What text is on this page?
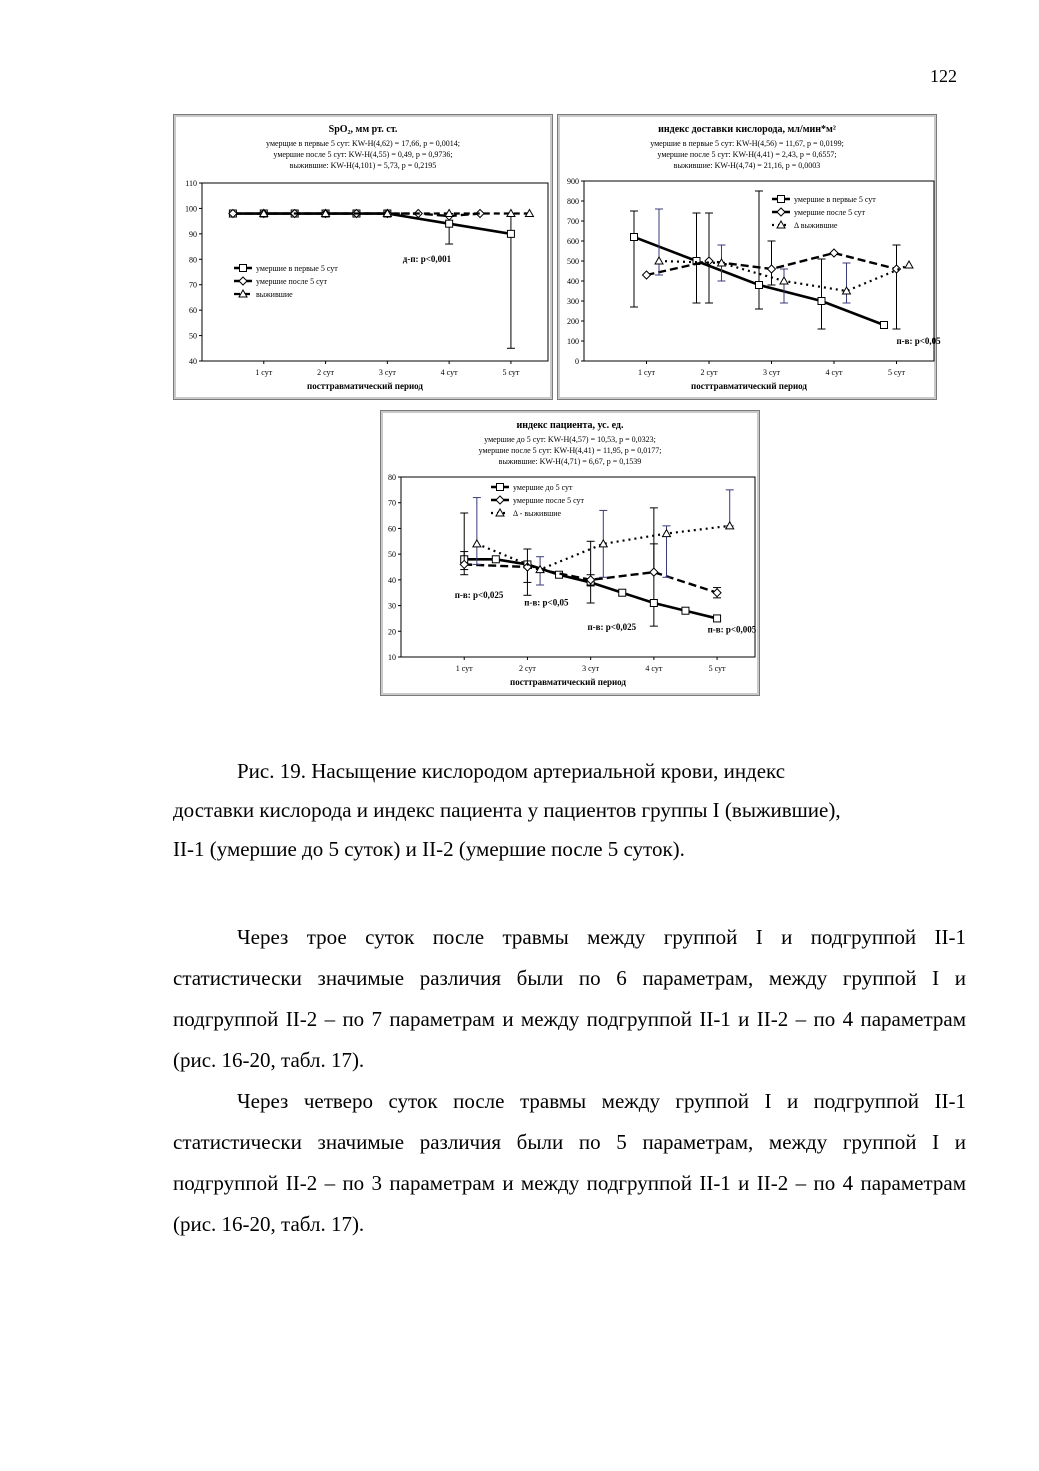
122
SpO₂, мм рт. ст.
умерщие в первые 5 сут: KW-H(4,62) = 17,66, p = 0,0014;
умершие после 5 сут: KW-H(4,55) = 0,49, p = 0,9736;
выжившие: KW-H(4,101) = 5,73, p = 0,2195
40
50
60
70
80
90
100
110
1 сут	2 сут	3 сут	4 сут	5 сут
посттравматический период
умершие в первые 5 сут
умершие после 5 сут
выжившие
д-п: p<0,001
индекс доставки кислорода, мл/мин*м²
умершие в первые 5 сут: KW-H(4,56) = 11,67, p = 0,0199;
умершие после 5 сут: KW-H(4,41) = 2,43, p = 0,6557;
выжившие: KW-H(4,74) = 21,16, p = 0,0003
0
100
200
300
400
500
600
700
800
900
1 сут	2 сут	3 сут	4 сут	5 сут
посттравматический период
умершие в первые 5 сут
умершие после 5 сут
Δ выжившие
п-в: p<0,05
индекс пациента, ус. ед.
умершие до 5 сут: KW-H(4,57) = 10,53, p = 0,0323;
умершие после 5 сут: KW-H(4,41) = 11,95, p = 0,0177;
выжившие: KW-H(4,71) = 6,67, p = 0,1539
10
20
30
40
50
60
70
80
1 сут	2 сут	3 сут	4 сут	5 сут
посттравматический период
умершие до 5 сут
умершие после 5 сут
Δ - выжившие
п-в: p<0,025
п-в: p<0,05
п-в: p<0,025	п-в: p<0,005
Рис. 19. Насыщение кислородом артериальной крови, индекс
доставки кислорода и индекс пациента у пациентов группы I (выжившие),
II-1 (умершие до 5 суток) и II-2 (умершие после 5 суток).

Через трое суток после травмы между группой I и подгруппой II-1 статистически значимые различия были по 6 параметрам, между группой I и подгруппой II-2 – по 7 параметрам и между подгруппой II-1 и II-2 – по 4 параметрам (рис. 16-20, табл. 17).

Через четверо суток после травмы между группой I и подгруппой II-1 статистически значимые различия были по 5 параметрам, между группой I и подгруппой II-2 – по 3 параметрам и между подгруппой II-1 и II-2 – по 4 параметрам (рис. 16-20, табл. 17).
